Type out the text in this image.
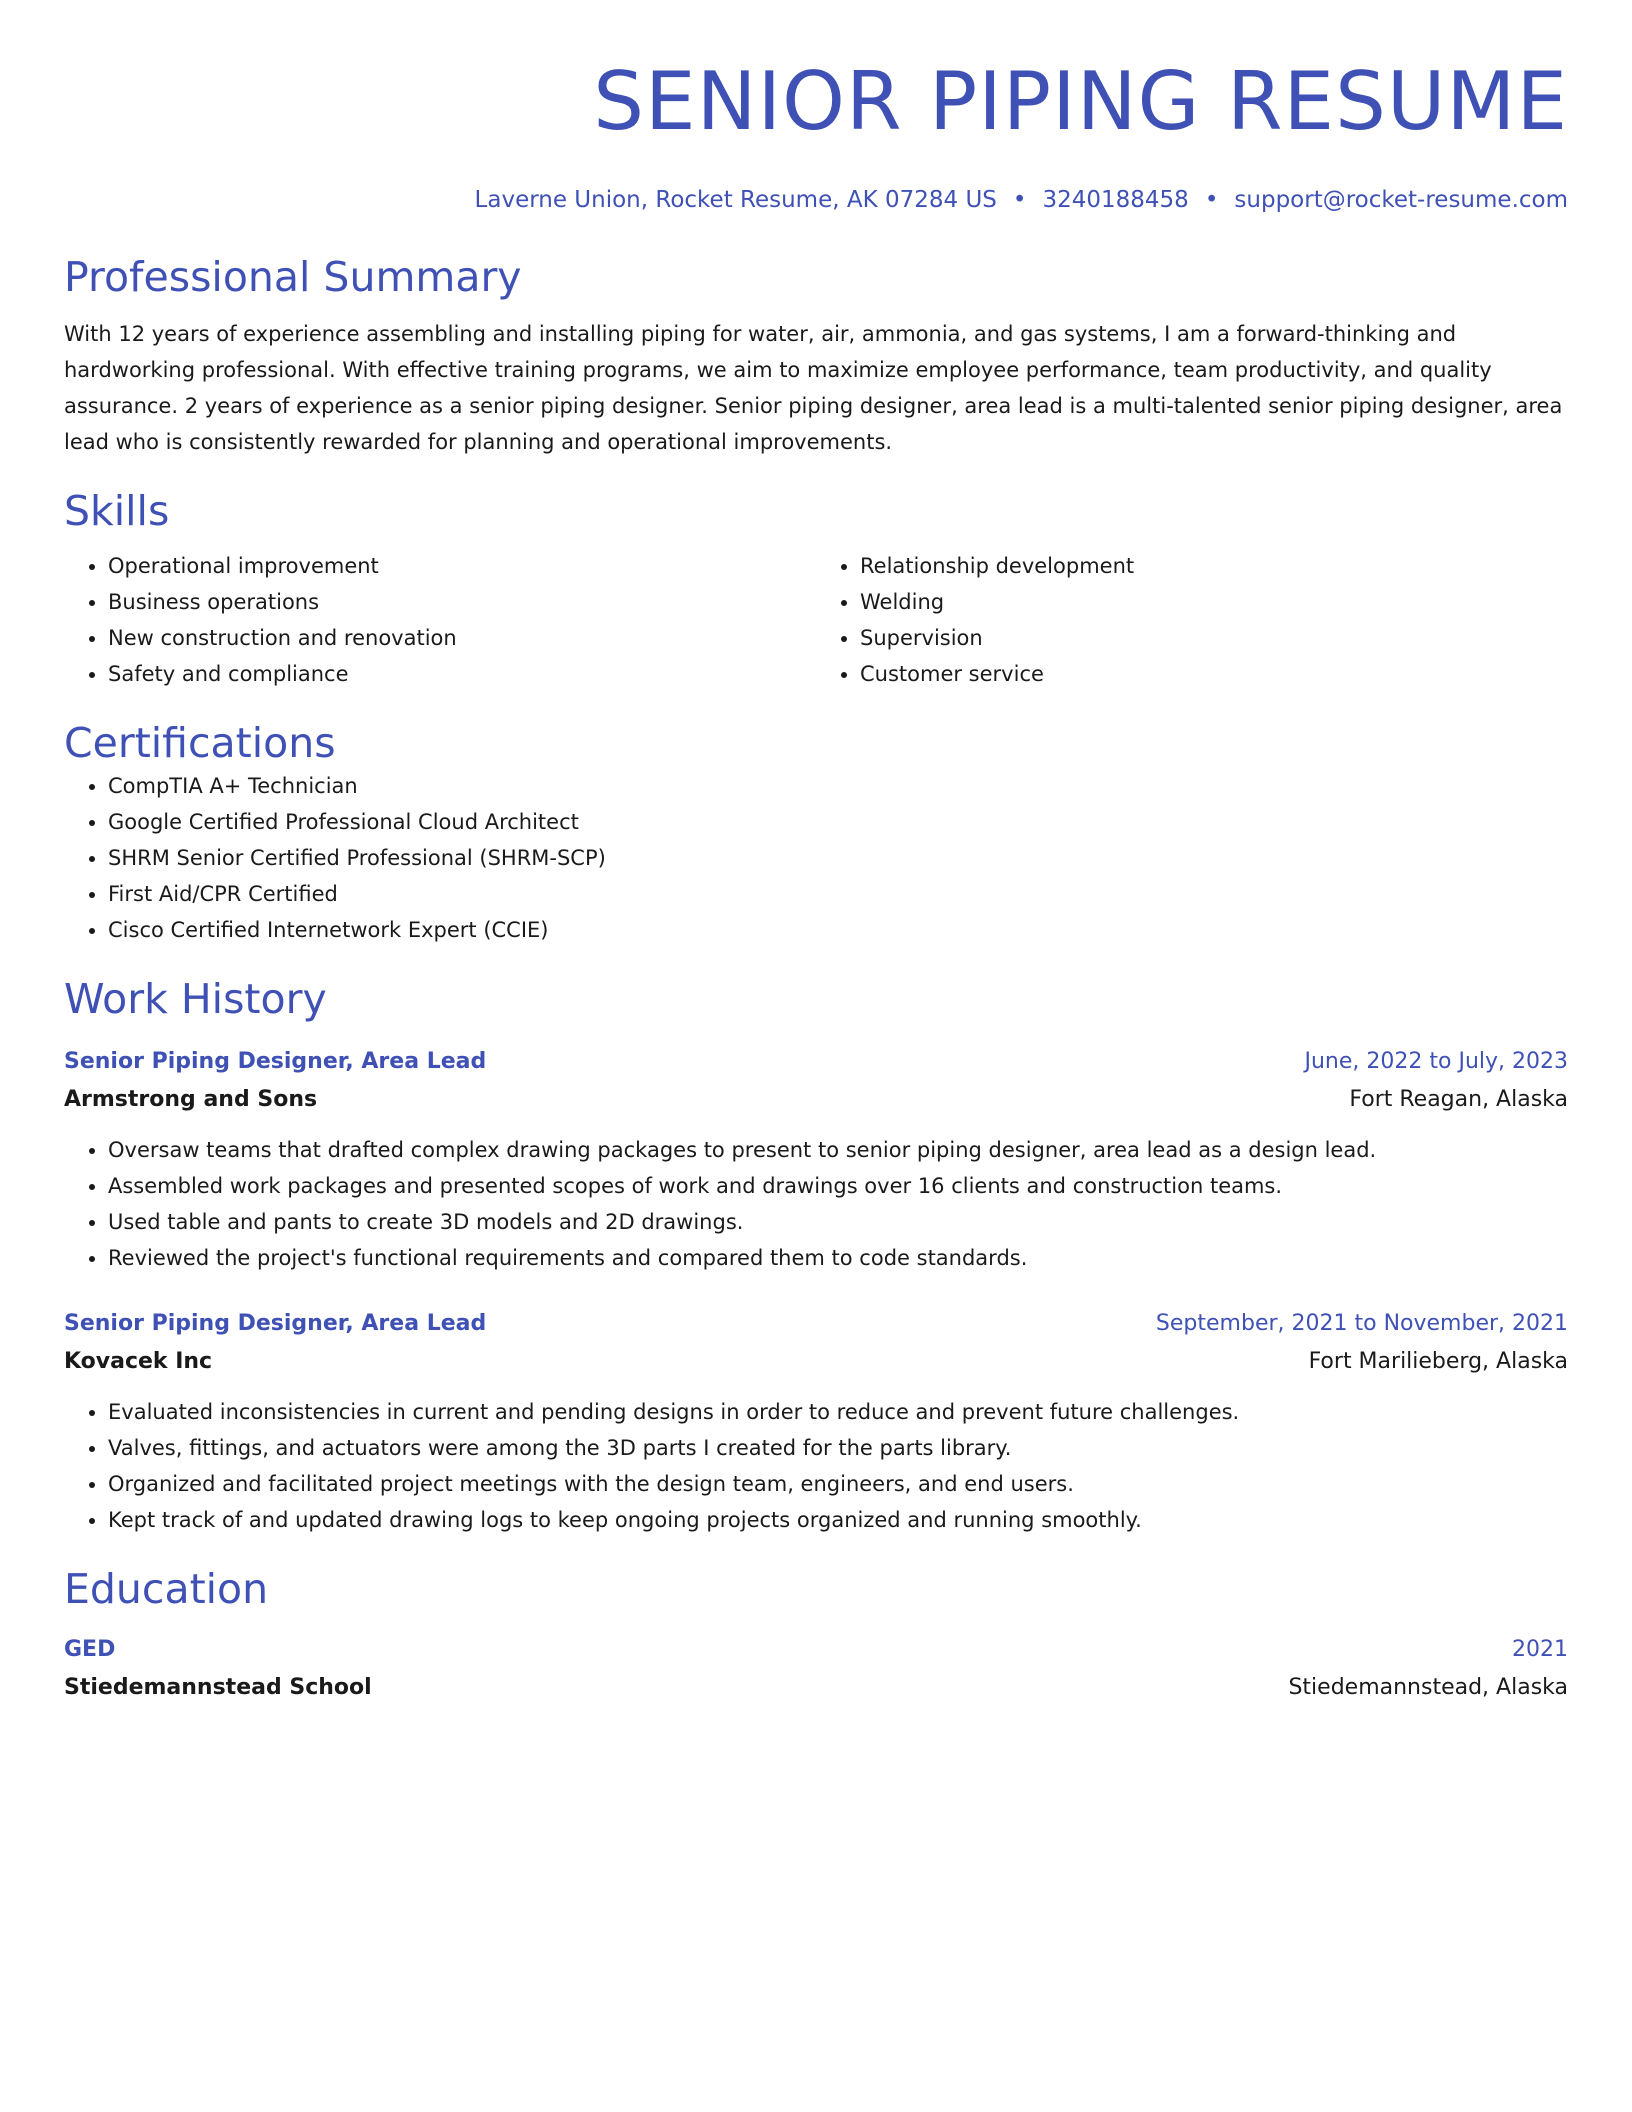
SENIOR PIPING RESUME
Laverne Union, Rocket Resume, AK 07284 US • 3240188458 • support@rocket-resume.com
Professional Summary

With 12 years of experience assembling and installing piping for water, air, ammonia, and gas systems, I am a forward-thinking and hardworking professional. With effective training programs, we aim to maximize employee performance, team productivity, and quality assurance. 2 years of experience as a senior piping designer. Senior piping designer, area lead is a multi-talented senior piping designer, area lead who is consistently rewarded for planning and operational improvements.

Skills
• Operational improvement
• Business operations
• New construction and renovation
• Safety and compliance
• Relationship development
• Welding
• Supervision
• Customer service
Certifications
• CompTIA A+ Technician
• Google Certified Professional Cloud Architect
• SHRM Senior Certified Professional (SHRM-SCP)
• First Aid/CPR Certified
• Cisco Certified Internetwork Expert (CCIE)
Work History
Senior Piping Designer, Area Lead	June, 2022 to July, 2023
Armstrong and Sons	Fort Reagan, Alaska
• Oversaw teams that drafted complex drawing packages to present to senior piping designer, area lead as a design lead.
• Assembled work packages and presented scopes of work and drawings over 16 clients and construction teams.
• Used table and pants to create 3D models and 2D drawings.
• Reviewed the project's functional requirements and compared them to code standards.
Senior Piping Designer, Area Lead	September, 2021 to November, 2021
Kovacek Inc	Fort Marilieberg, Alaska
• Evaluated inconsistencies in current and pending designs in order to reduce and prevent future challenges.
• Valves, fittings, and actuators were among the 3D parts I created for the parts library.
• Organized and facilitated project meetings with the design team, engineers, and end users.
• Kept track of and updated drawing logs to keep ongoing projects organized and running smoothly.
Education
GED	2021
Stiedemannstead School	Stiedemannstead, Alaska
